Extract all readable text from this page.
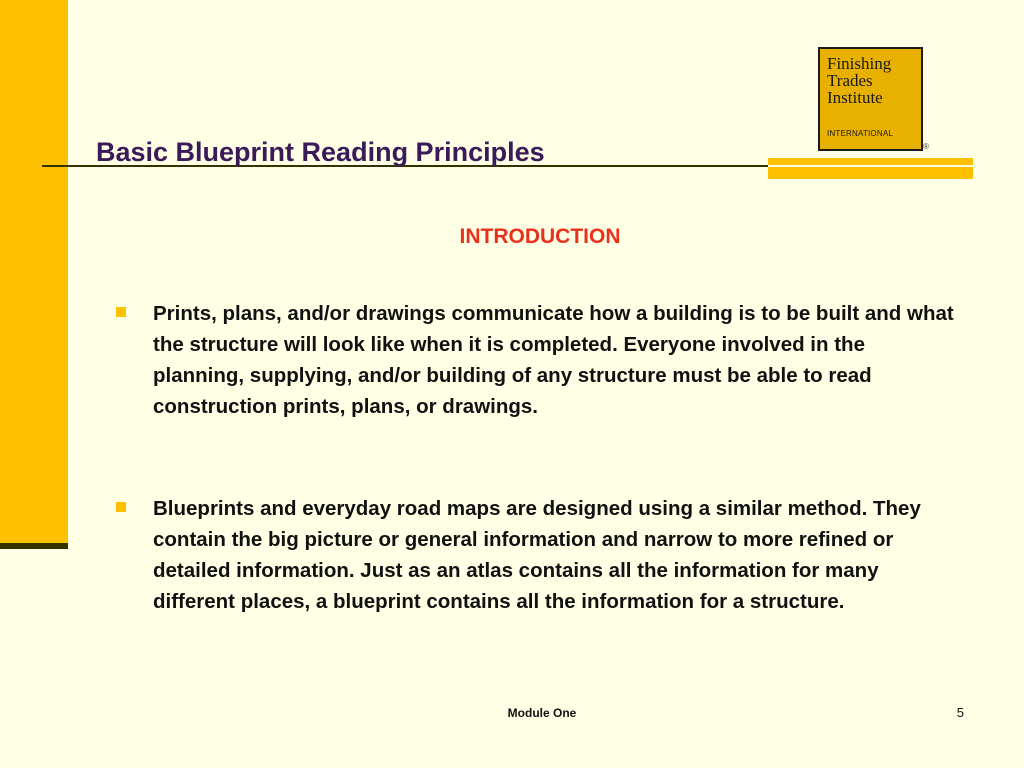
Finishing
Trades
Institute
INTERNATIONAL
®
Basic Blueprint Reading Principles
INTRODUCTION
Prints, plans, and/or drawings communicate how a building is to be built and what the structure will look like when it is completed. Everyone involved in the planning, supplying, and/or building of any structure must be able to read construction prints, plans, or drawings.
Blueprints and everyday road maps are designed using a similar method. They contain the big picture or general information and narrow to more refined or detailed information. Just as an atlas contains all the information for many different places, a blueprint contains all the information for a structure.
Module One	5
